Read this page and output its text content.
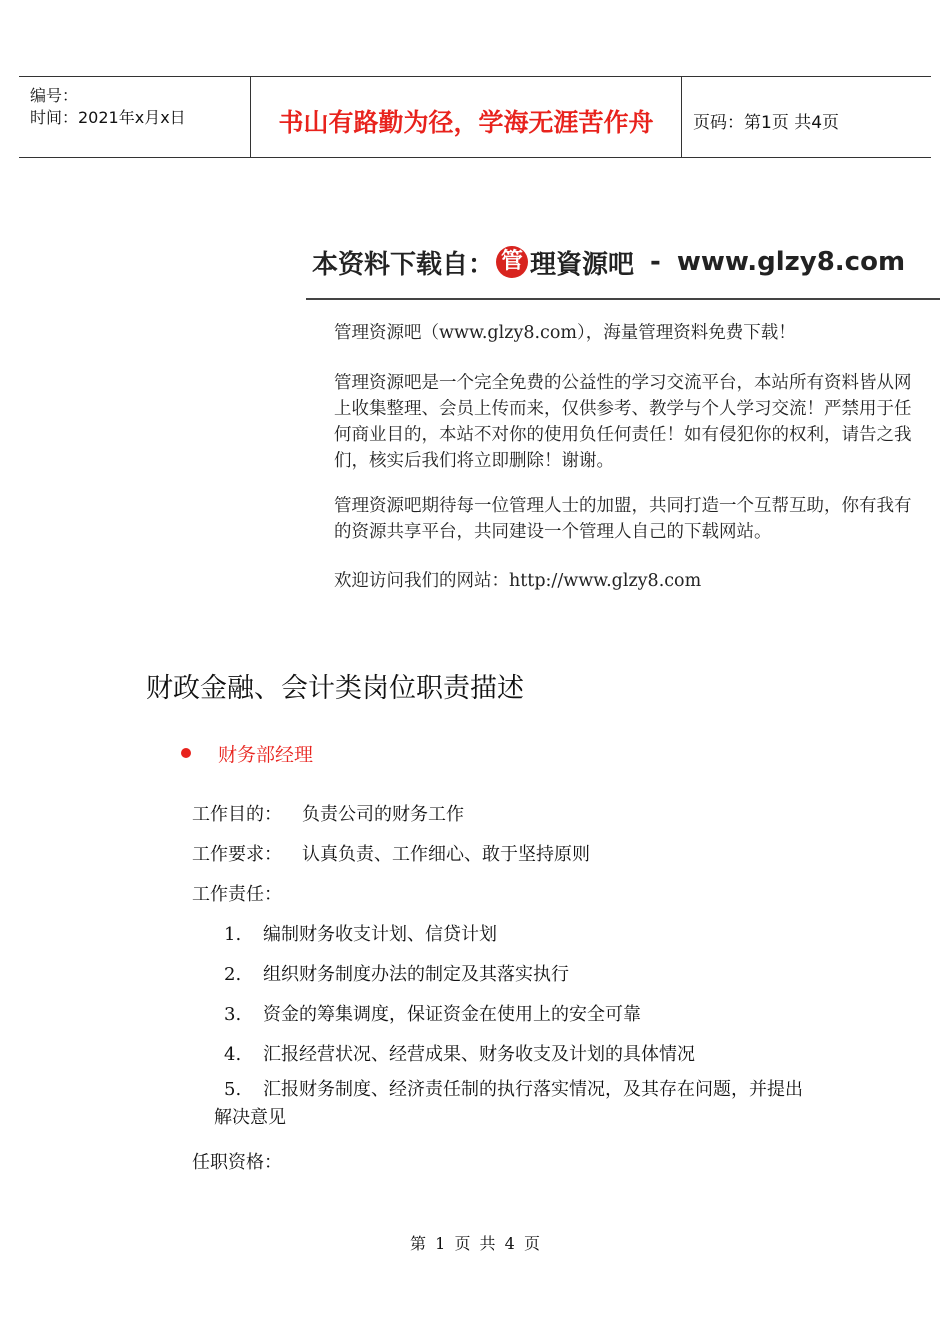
编号：
时间：2021年x月x日	书山有路勤为径，学海无涯苦作舟	页码：第1页 共4页
本资料下载自： 管 理資源吧 - www.glzy8.com
管理资源吧（www.glzy8.com），海量管理资料免费下载！
管理资源吧是一个完全免费的公益性的学习交流平台，本站所有资料皆从网上收集整理、会员上传而来，仅供参考、教学与个人学习交流！严禁用于任何商业目的，本站不对你的使用负任何责任！如有侵犯你的权利，请告之我们，核实后我们将立即删除！谢谢。
管理资源吧期待每一位管理人士的加盟，共同打造一个互帮互助，你有我有的资源共享平台，共同建设一个管理人自己的下载网站。
欢迎访问我们的网站：http://www.glzy8.com
财政金融、会计类岗位职责描述
财务部经理
工作目的： 负责公司的财务工作
工作要求： 认真负责、工作细心、敢于坚持原则
工作责任：
1. 编制财务收支计划、信贷计划
2. 组织财务制度办法的制定及其落实执行
3. 资金的筹集调度，保证资金在使用上的安全可靠
4. 汇报经营状况、经营成果、财务收支及计划的具体情况
5. 汇报财务制度、经济责任制的执行落实情况，及其存在问题，并提出解决意见
任职资格：
第 1 页 共 4 页
